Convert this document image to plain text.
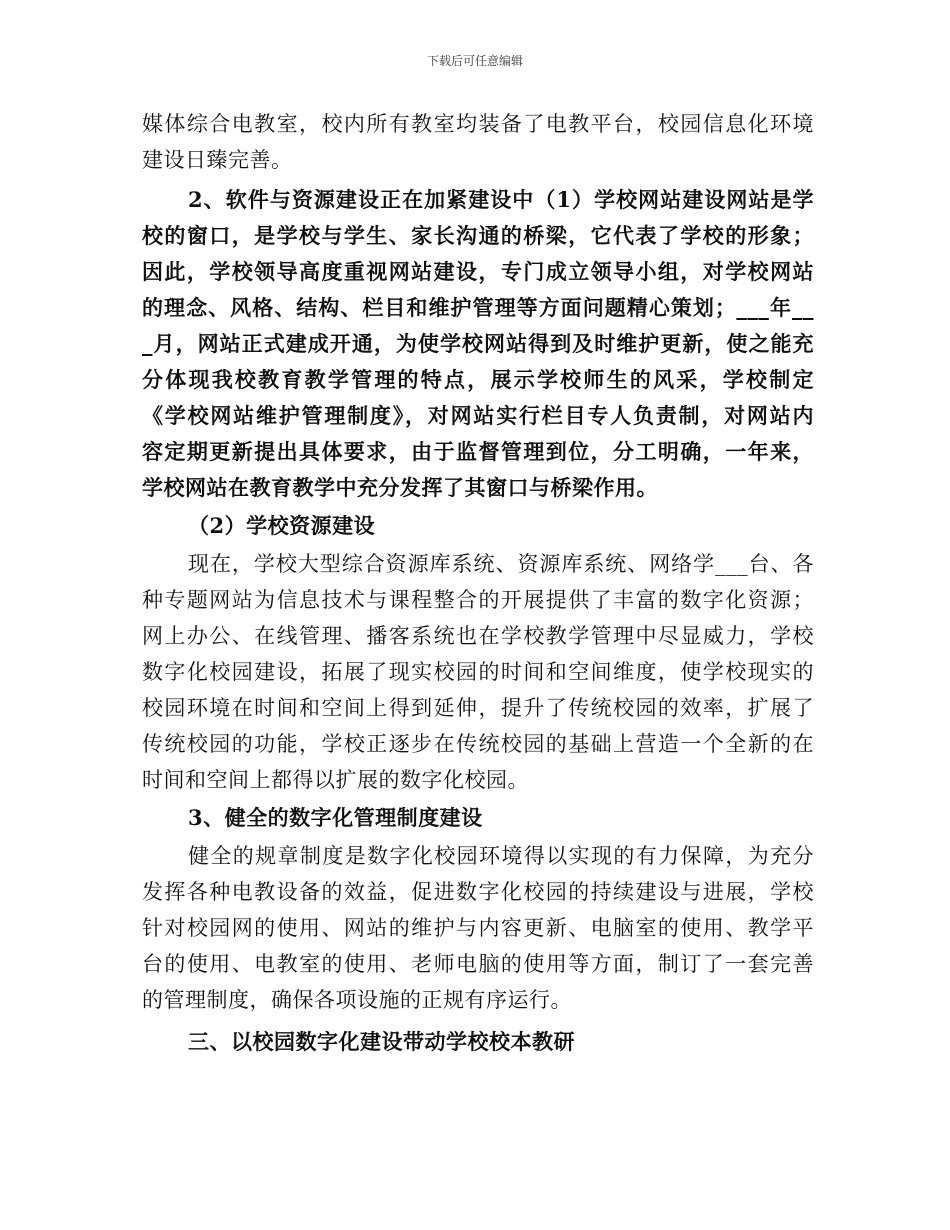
下载后可任意编辑
媒体综合电教室，校内所有教室均装备了电教平台，校园信息化环境
建设日臻完善。
2、软件与资源建设正在加紧建设中（1）学校网站建设网站是学
校的窗口，是学校与学生、家长沟通的桥梁，它代表了学校的形象；
因此，学校领导高度重视网站建设，专门成立领导小组，对学校网站
的理念、风格、结构、栏目和维护管理等方面问题精心策划；___年__
_月，网站正式建成开通，为使学校网站得到及时维护更新，使之能充
分体现我校教育教学管理的特点，展示学校师生的风采，学校制定
《学校网站维护管理制度》，对网站实行栏目专人负责制，对网站内
容定期更新提出具体要求，由于监督管理到位，分工明确，一年来，
学校网站在教育教学中充分发挥了其窗口与桥梁作用。
（2）学校资源建设
现在，学校大型综合资源库系统、资源库系统、网络学___台、各
种专题网站为信息技术与课程整合的开展提供了丰富的数字化资源；
网上办公、在线管理、播客系统也在学校教学管理中尽显威力，学校
数字化校园建设，拓展了现实校园的时间和空间维度，使学校现实的
校园环境在时间和空间上得到延伸，提升了传统校园的效率，扩展了
传统校园的功能，学校正逐步在传统校园的基础上营造一个全新的在
时间和空间上都得以扩展的数字化校园。
3、健全的数字化管理制度建设
健全的规章制度是数字化校园环境得以实现的有力保障，为充分
发挥各种电教设备的效益，促进数字化校园的持续建设与进展，学校
针对校园网的使用、网站的维护与内容更新、电脑室的使用、教学平
台的使用、电教室的使用、老师电脑的使用等方面，制订了一套完善
的管理制度，确保各项设施的正规有序运行。
三、以校园数字化建设带动学校校本教研
